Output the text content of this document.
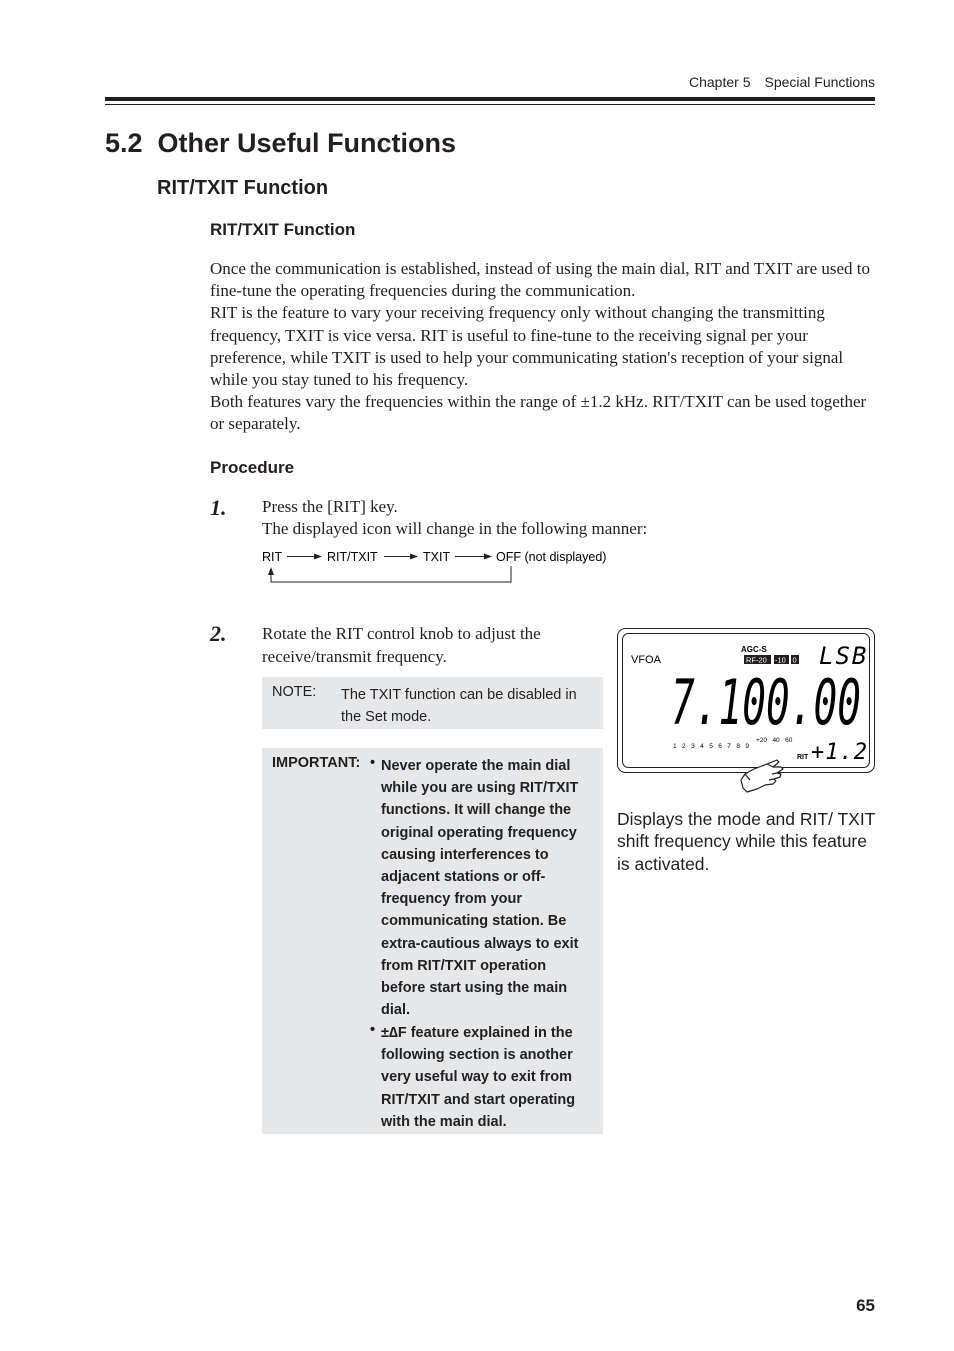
Chapter 5 Special Functions
5.2  Other Useful Functions
RIT/TXIT Function
RIT/TXIT Function

Once the communication is established, instead of using the main dial, RIT and TXIT are used to fine-tune the operating frequencies during the communication.

RIT is the feature to vary your receiving frequency only without changing the transmitting frequency, TXIT is vice versa. RIT is useful to fine-tune to the receiving signal per your preference, while TXIT is used to help your communicating station's reception of your signal while you stay tuned to his frequency.

Both features vary the frequencies within the range of ±1.2 kHz. RIT/TXIT can be used together or separately.

Procedure
1. Press the [RIT] key.

The displayed icon will change in the following manner:

RIT	RIT/TXIT	TXIT	OFF (not displayed)
2. Rotate the RIT control knob to adjust the receive/transmit frequency.
NOTE: The TXIT function can be disabled in the Set mode.
IMPORTANT: • Never operate the main dial while you are using RIT/TXIT functions. It will change the original operating frequency causing interferences to adjacent stations or off-frequency from your communicating station. Be extra-cautious always to exit from RIT/TXIT operation before start using the main dial.
• ±∆F feature explained in the following section is another very useful way to exit from RIT/TXIT and start operating with the main dial.
VFOA
AGC-S
RF-20 -10 0 LSB
7.100.00
+20   40   60
1 2 3 4 5 6 7 8 9
RIT +1.2
Displays the mode and RIT/ TXIT shift frequency while this feature is activated.
65
